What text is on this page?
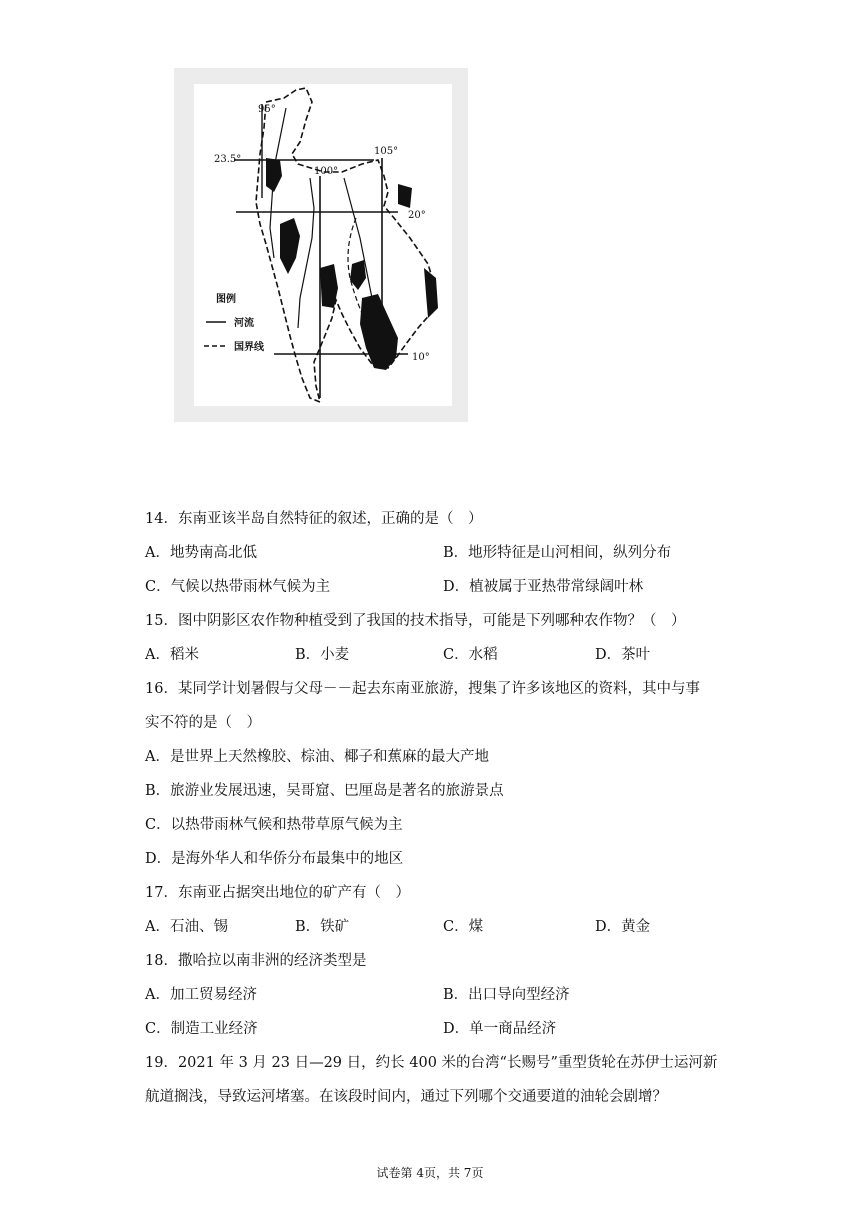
95°
23.5°
100°
105°
20°
10°
图例
河流
国界线
14．东南亚该半岛自然特征的叙述，正确的是（　）
A．地势南高北低	B．地形特征是山河相间，纵列分布
C．气候以热带雨林气候为主	D．植被属于亚热带常绿阔叶林
15．图中阴影区农作物种植受到了我国的技术指导，可能是下列哪种农作物？（　）
A．稻米	B．小麦	C．水稻	D．茶叶
16．某同学计划暑假与父母－－起去东南亚旅游，搜集了许多该地区的资料，其中与事
实不符的是（　）
A．是世界上天然橡胶、棕油、椰子和蕉麻的最大产地
B．旅游业发展迅速，吴哥窟、巴厘岛是著名的旅游景点
C．以热带雨林气候和热带草原气候为主
D．是海外华人和华侨分布最集中的地区
17．东南亚占据突出地位的矿产有（　）
A．石油、锡	B．铁矿	C．煤	D．黄金
18．撒哈拉以南非洲的经济类型是
A．加工贸易经济	B．出口导向型经济
C．制造工业经济	D．单一商品经济
19．2021 年 3 月 23 日—29 日，约长 400 米的台湾“长赐号”重型货轮在苏伊士运河新
航道搁浅，导致运河堵塞。在该段时间内，通过下列哪个交通要道的油轮会剧增？
试卷第 4页，共 7页
